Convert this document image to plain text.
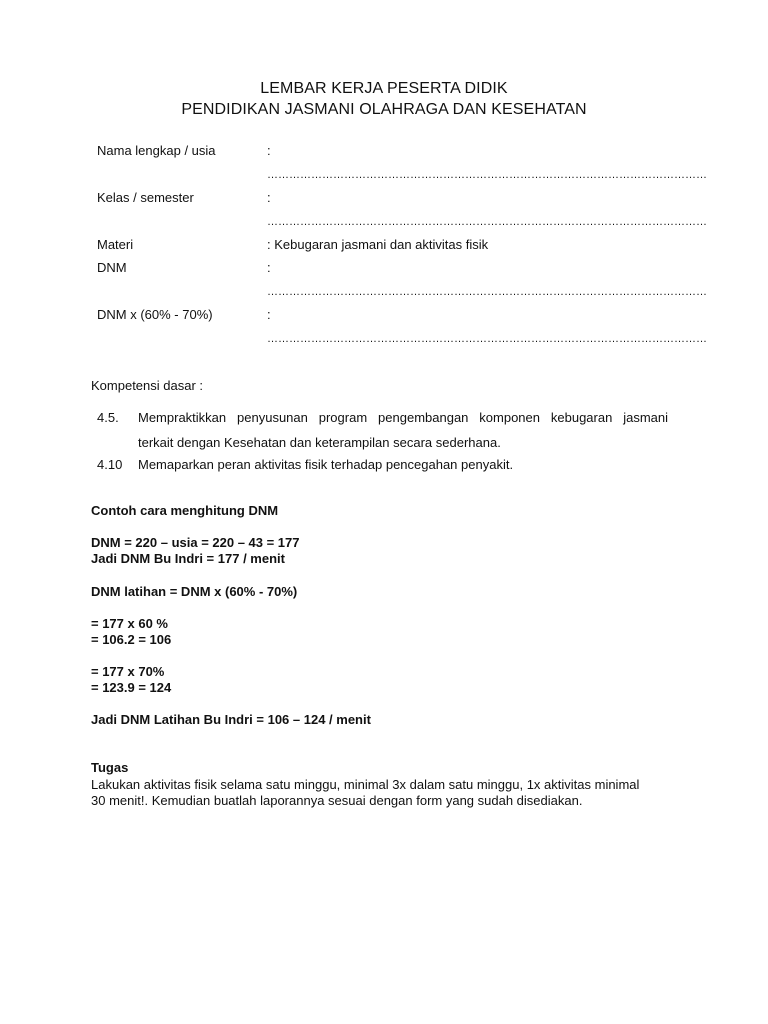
LEMBAR KERJA PESERTA DIDIK
PENDIDIKAN JASMANI OLAHRAGA DAN KESEHATAN
Nama lengkap / usia	:
…………………………………………………………………………………………………………
Kelas / semester	:
…………………………………………………………………………………………………………
Materi	: Kebugaran jasmani dan aktivitas fisik
DNM	:
…………………………………………………………………………………………………………
DNM x (60% - 70%)	:
…………………………………………………………………………………………………………
Kompetensi dasar :
4.5. Mempraktikkan penyusunan program pengembangan komponen kebugaran jasmani
terkait dengan Kesehatan dan keterampilan secara sederhana.
4.10 Memaparkan peran aktivitas fisik terhadap pencegahan penyakit.
Contoh cara menghitung DNM
DNM = 220 – usia = 220 – 43 = 177
Jadi DNM Bu Indri = 177 / menit
DNM latihan = DNM x (60% - 70%)
= 177 x 60 %
= 106.2 = 106
= 177 x 70%
= 123.9 = 124
Jadi DNM Latihan Bu Indri = 106 – 124 / menit
Tugas
Lakukan aktivitas fisik selama satu minggu, minimal 3x dalam satu minggu, 1x aktivitas minimal
30 menit!. Kemudian buatlah laporannya sesuai dengan form yang sudah disediakan.
